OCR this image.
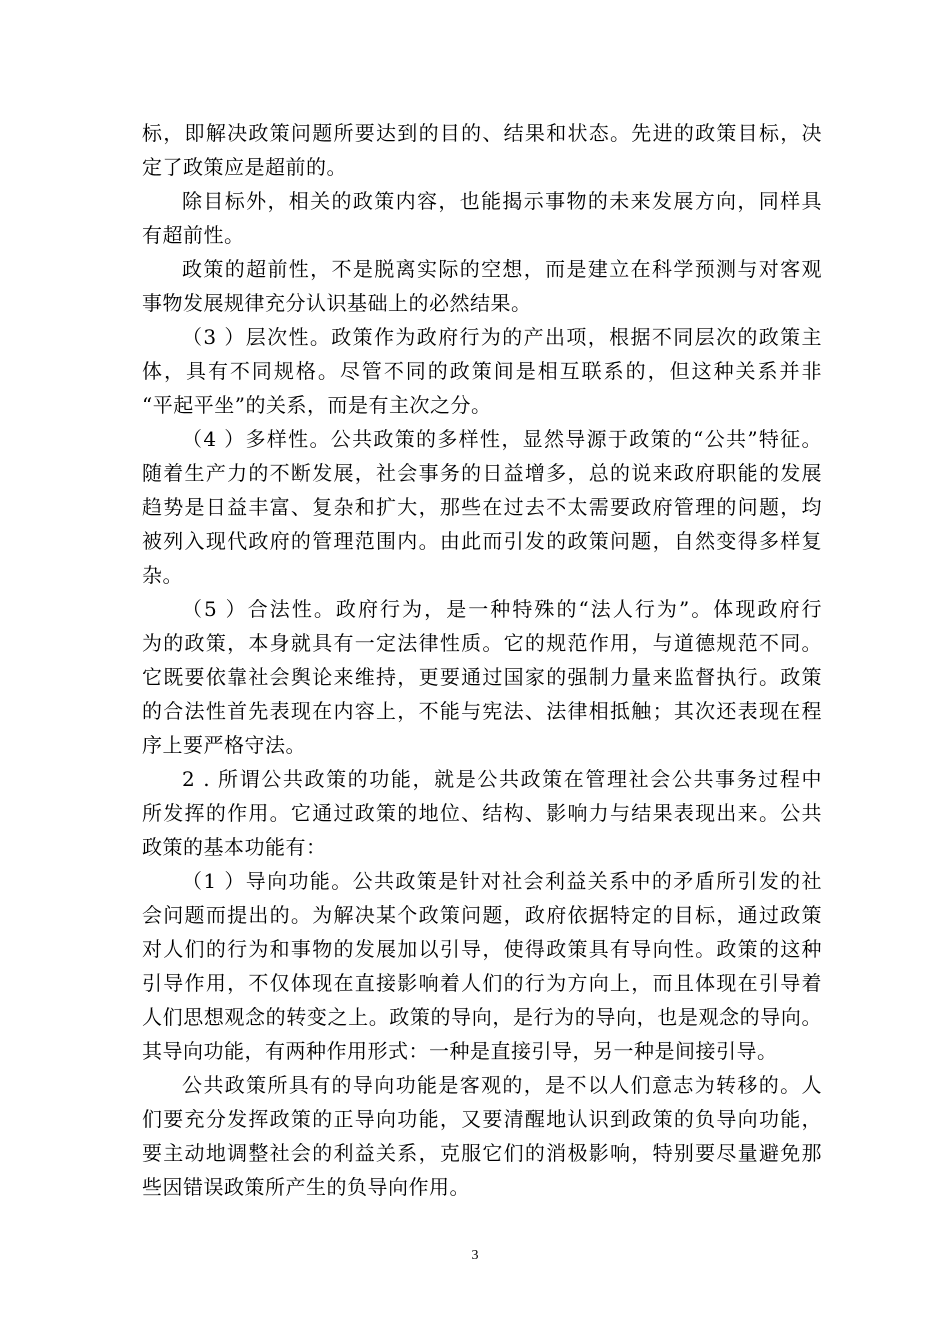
标，即解决政策问题所要达到的目的、结果和状态。先进的政策目标，决
定了政策应是超前的。
除目标外，相关的政策内容，也能揭示事物的未来发展方向，同样具
有超前性。
政策的超前性，不是脱离实际的空想，而是建立在科学预测与对客观
事物发展规律充分认识基础上的必然结果。
（3 ）层次性。政策作为政府行为的产出项，根据不同层次的政策主
体，具有不同规格。尽管不同的政策间是相互联系的，但这种关系并非
“平起平坐”的关系，而是有主次之分。
（4 ）多样性。公共政策的多样性，显然导源于政策的“公共”特征。
随着生产力的不断发展，社会事务的日益增多，总的说来政府职能的发展
趋势是日益丰富、复杂和扩大，那些在过去不太需要政府管理的问题，均
被列入现代政府的管理范围内。由此而引发的政策问题，自然变得多样复
杂。
（5 ）合法性。政府行为，是一种特殊的“法人行为”。体现政府行
为的政策，本身就具有一定法律性质。它的规范作用，与道德规范不同。
它既要依靠社会舆论来维持，更要通过国家的强制力量来监督执行。政策
的合法性首先表现在内容上，不能与宪法、法律相抵触；其次还表现在程
序上要严格守法。
2 . 所谓公共政策的功能，就是公共政策在管理社会公共事务过程中
所发挥的作用。它通过政策的地位、结构、影响力与结果表现出来。公共
政策的基本功能有：
（1 ）导向功能。公共政策是针对社会利益关系中的矛盾所引发的社
会问题而提出的。为解决某个政策问题，政府依据特定的目标，通过政策
对人们的行为和事物的发展加以引导，使得政策具有导向性。政策的这种
引导作用，不仅体现在直接影响着人们的行为方向上，而且体现在引导着
人们思想观念的转变之上。政策的导向，是行为的导向，也是观念的导向。
其导向功能，有两种作用形式：一种是直接引导，另一种是间接引导。
公共政策所具有的导向功能是客观的，是不以人们意志为转移的。人
们要充分发挥政策的正导向功能，又要清醒地认识到政策的负导向功能，
要主动地调整社会的利益关系，克服它们的消极影响，特别要尽量避免那
些因错误政策所产生的负导向作用。
3
